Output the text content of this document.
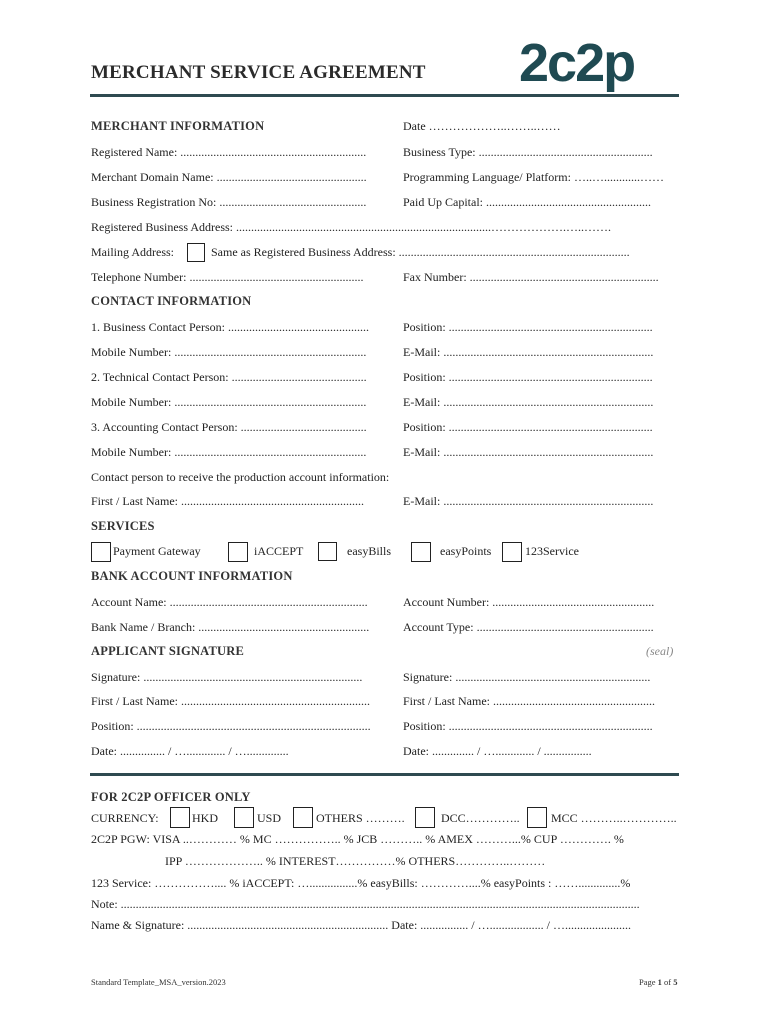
MERCHANT SERVICE AGREEMENT 2c2p
MERCHANT INFORMATION	Date ………………..……..……
Registered Name: ..............................................................	Business Type: ..........................................................
Merchant Domain Name: ..................................................	Programming Language/ Platform: …..…............……
Business Registration No: .................................................	Paid Up Capital: .......................................................
Registered Business Address: .....................................................................................……………….…..…….
Mailing Address:	Same as Registered Business Address: .............................................................................
Telephone Number: ..........................................................	Fax Number: ...............................................................
CONTACT INFORMATION
1. Business Contact Person: ...............................................	Position: ....................................................................
Mobile Number: ................................................................	E-Mail: ......................................................................
2. Technical Contact Person: .............................................	Position: ....................................................................
Mobile Number: ................................................................	E-Mail: ......................................................................
3. Accounting Contact Person: ..........................................	Position: ....................................................................
Mobile Number: ................................................................	E-Mail: ......................................................................
Contact person to receive the production account information:
First / Last Name: .............................................................	E-Mail: ......................................................................
SERVICES
Payment Gateway	iACCEPT	easyBills	easyPoints	123Service
BANK ACCOUNT INFORMATION
Account Name: ..................................................................	Account Number: ......................................................
Bank Name / Branch: .........................................................	Account Type: ...........................................................
APPLICANT SIGNATURE	(seal)
Signature: .........................................................................	Signature: .................................................................
First / Last Name: ...............................................................	First / Last Name: ......................................................
Position: ..............................................................................	Position: ....................................................................
Date: ............... / …............. / …..............	Date: .............. / …............. / ................
FOR 2C2P OFFICER ONLY
CURRENCY:	HKD	USD	OTHERS ……….	DCC…………..	MCC ………..…………..
2C2P PGW: VISA ..………… % MC …………….. % JCB ……….. % AMEX ………...% CUP …………. %
IPP ……………….. % INTEREST……………% OTHERS…………..………
123 Service: …………….... % iACCEPT: …................% easyBills: …………....% easyPoints : ……..............%
Note: .............................................................................................................................................................................
Name & Signature: ................................................................... Date: ................ / ….................. / …......................
Standard Template_MSA_version.2023	Page 1 of 5
